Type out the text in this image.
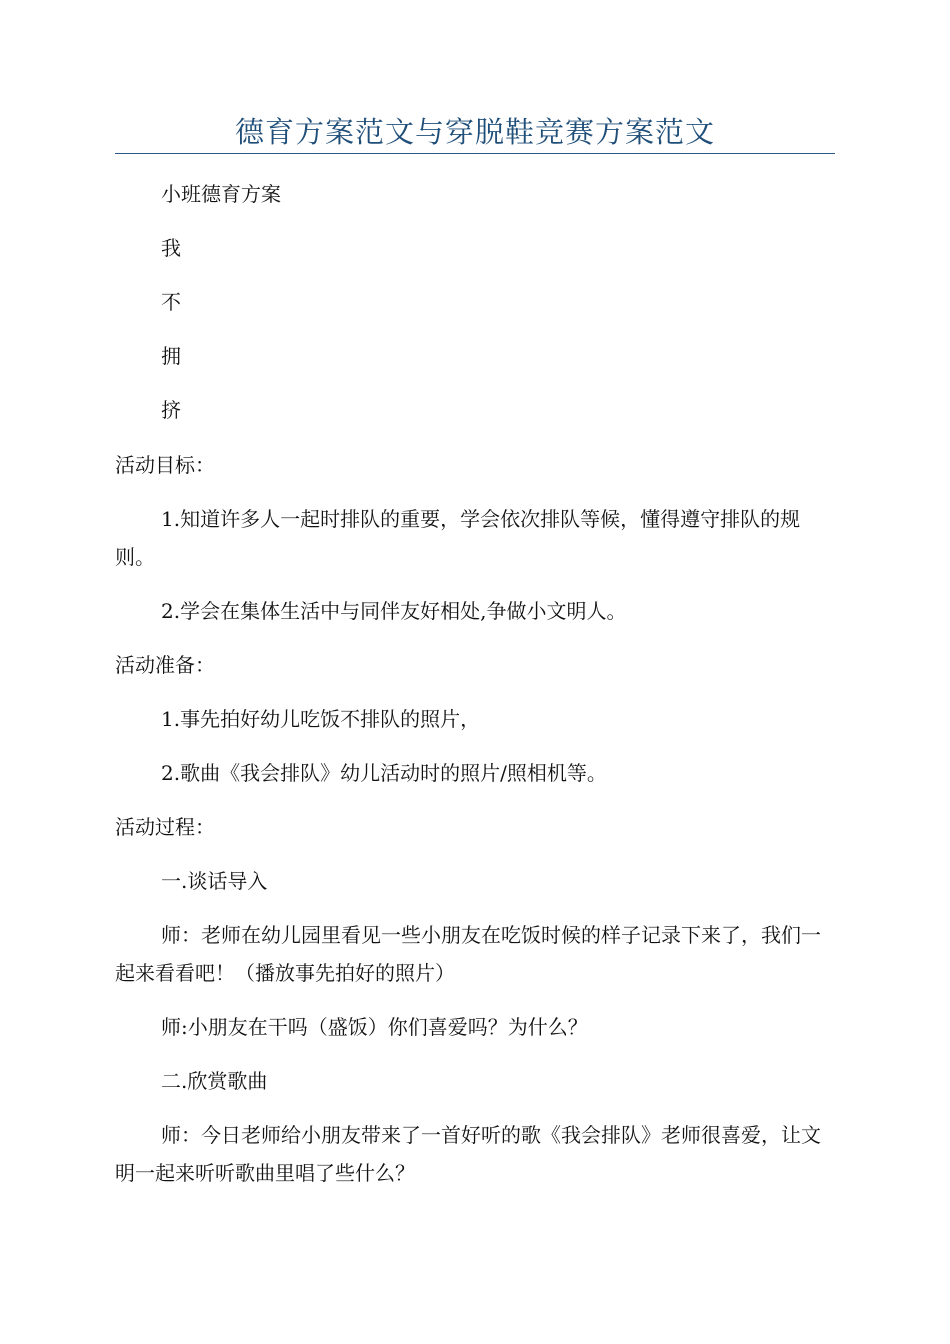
德育方案范文与穿脱鞋竞赛方案范文

小班德育方案

我

不

拥

挤

活动目标：

1.知道许多人一起时排队的重要，学会依次排队等候，懂得遵守排队的规则。

2.学会在集体生活中与同伴友好相处,争做小文明人。

活动准备：

1.事先拍好幼儿吃饭不排队的照片，

2.歌曲《我会排队》幼儿活动时的照片/照相机等。

活动过程：

一.谈话导入

师：老师在幼儿园里看见一些小朋友在吃饭时候的样子记录下来了，我们一起来看看吧！（播放事先拍好的照片）

师:小朋友在干吗（盛饭）你们喜爱吗？为什么？

二.欣赏歌曲

师：今日老师给小朋友带来了一首好听的歌《我会排队》老师很喜爱，让文明一起来听听歌曲里唱了些什么？
